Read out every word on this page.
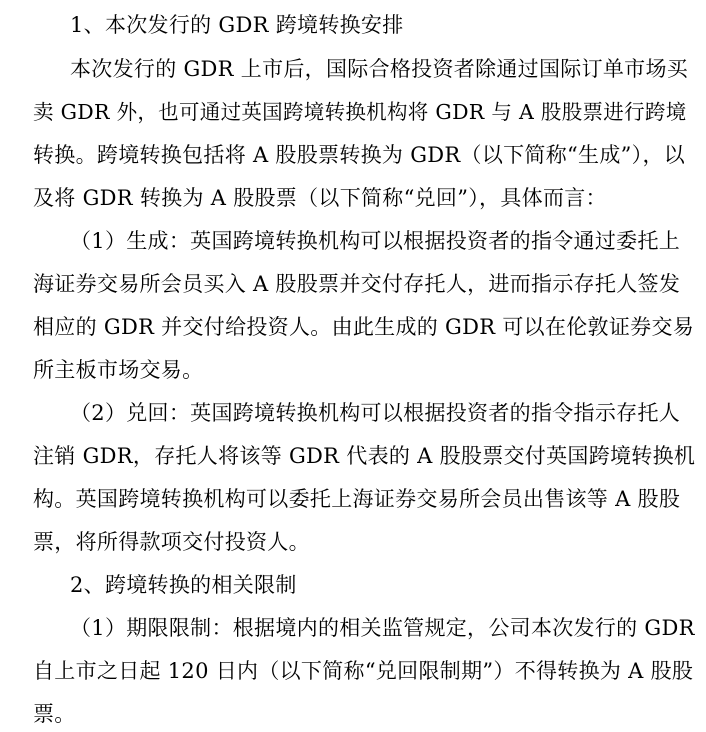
1、本次发行的 GDR 跨境转换安排
本次发行的 GDR 上市后，国际合格投资者除通过国际订单市场买
卖 GDR 外，也可通过英国跨境转换机构将 GDR 与 A 股股票进行跨境
转换。跨境转换包括将 A 股股票转换为 GDR（以下简称“生成”），以
及将 GDR 转换为 A 股股票（以下简称“兑回”），具体而言：
（1）生成：英国跨境转换机构可以根据投资者的指令通过委托上
海证券交易所会员买入 A 股股票并交付存托人，进而指示存托人签发
相应的 GDR 并交付给投资人。由此生成的 GDR 可以在伦敦证券交易
所主板市场交易。
（2）兑回：英国跨境转换机构可以根据投资者的指令指示存托人
注销 GDR，存托人将该等 GDR 代表的 A 股股票交付英国跨境转换机
构。英国跨境转换机构可以委托上海证券交易所会员出售该等 A 股股
票，将所得款项交付投资人。
2、跨境转换的相关限制
（1）期限限制：根据境内的相关监管规定，公司本次发行的 GDR
自上市之日起 120 日内（以下简称“兑回限制期”）不得转换为 A 股股
票。
